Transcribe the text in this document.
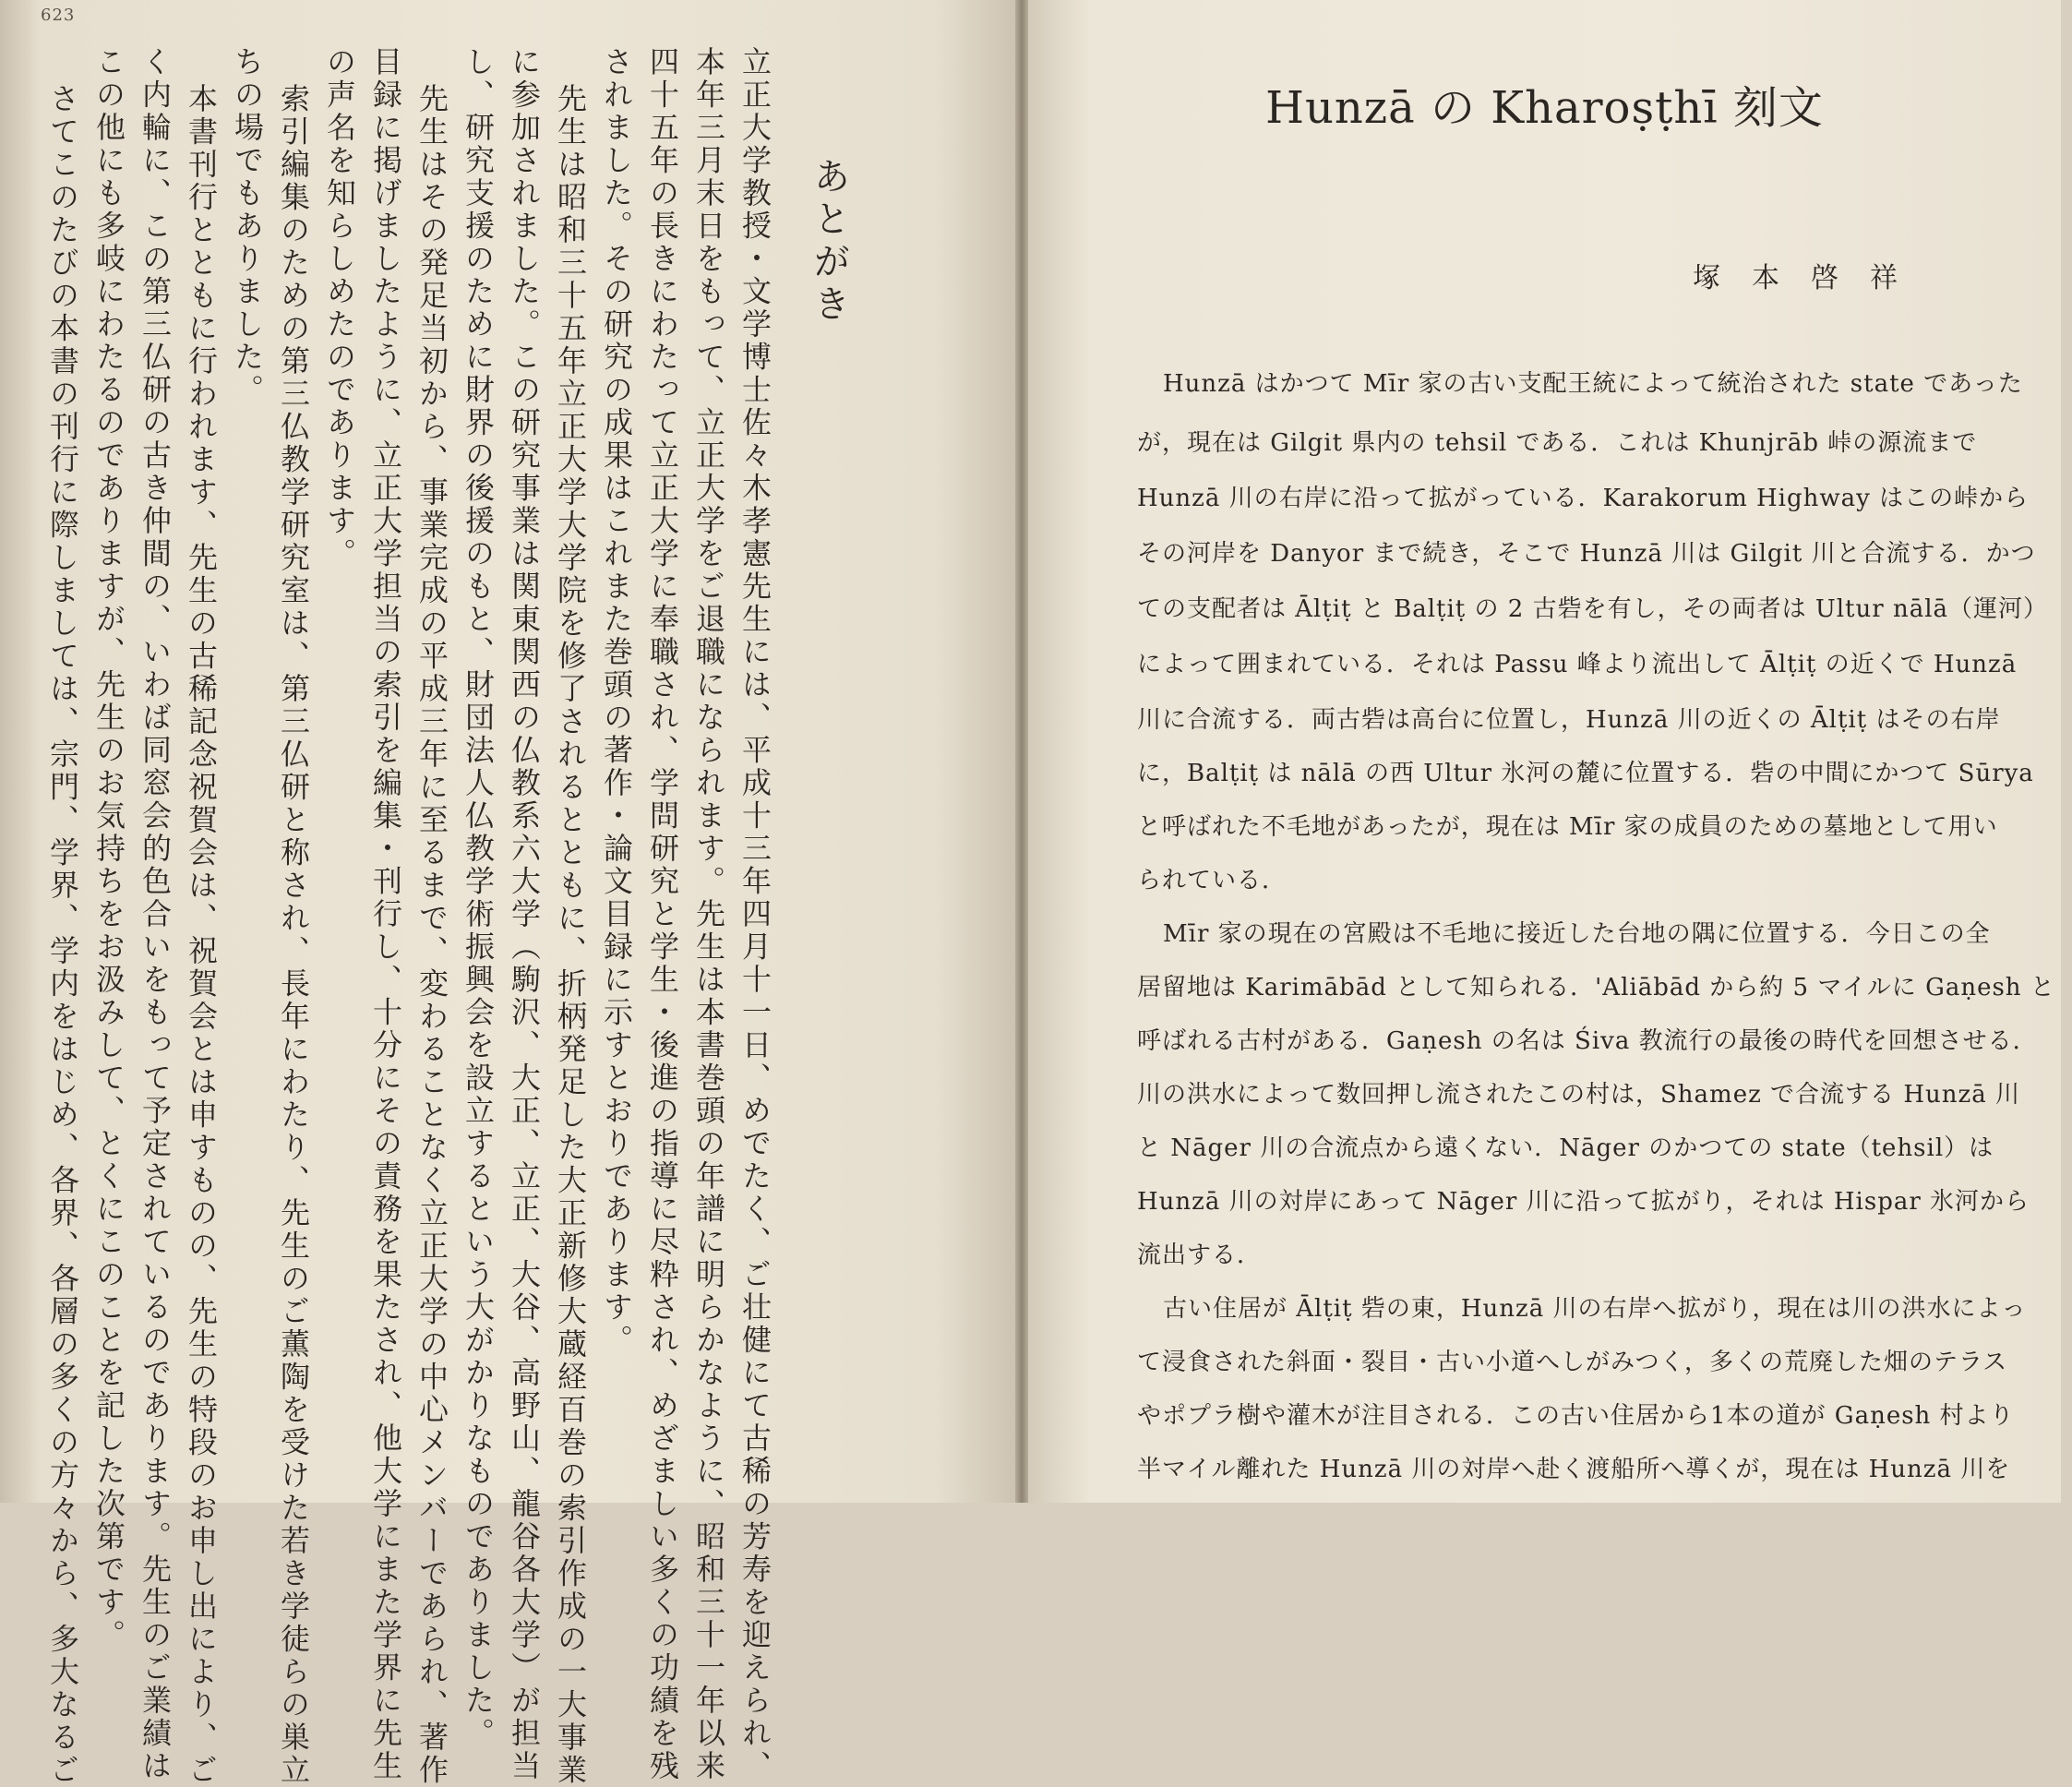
623
立正大学教授・文学博士佐々木孝憲先生には、平成十三年四月十一日、めでたく、ご壮健にて古稀の芳寿を迎えられ、
本年三月末日をもって、立正大学をご退職になられます。先生は本書巻頭の年譜に明らかなように、昭和三十一年以来
四十五年の長きにわたって立正大学に奉職され、学問研究と学生・後進の指導に尽粋され、めざましい多くの功績を残
されました。その研究の成果はこれまた巻頭の著作・論文目録に示すとおりであります。
先生は昭和三十五年立正大学大学院を修了されるとともに、折柄発足した大正新修大蔵経百巻の索引作成の一大事業
に参加されました。この研究事業は関東関西の仏教系六大学（駒沢、大正、立正、大谷、高野山、龍谷各大学）が担当
し、研究支援のために財界の後援のもと、財団法人仏教学術振興会を設立するという大がかりなものでありました。
先生はその発足当初から、事業完成の平成三年に至るまで、変わることなく立正大学の中心メンバーであられ、著作
目録に掲げましたように、立正大学担当の索引を編集・刊行し、十分にその責務を果たされ、他大学にまた学界に先生
の声名を知らしめたのであります。
索引編集のための第三仏教学研究室は、第三仏研と称され、長年にわたり、先生のご薫陶を受けた若き学徒らの巣立
ちの場でもありました。
本書刊行とともに行われます、先生の古稀記念祝賀会は、祝賀会とは申すものの、先生の特段のお申し出により、ご
く内輪に、この第三仏研の古き仲間の、いわば同窓会的色合いをもって予定されているのであります。先生のご業績は
この他にも多岐にわたるのでありますが、先生のお気持ちをお汲みして、とくにこのことを記した次第です。
さてこのたびの本書の刊行に際しましては、宗門、学界、学内をはじめ、各界、各層の多くの方々から、多大なるご	あとがき
Hunzā の Kharoṣṭhī 刻文
塚本啓祥
Hunzā はかつて Mīr 家の古い支配王統によって統治された state であった
が，現在は Gilgit 県内の tehsil である．これは Khunjrāb 峠の源流まで
Hunzā 川の右岸に沿って拡がっている．Karakorum Highway はこの峠から
その河岸を Danyor まで続き，そこで Hunzā 川は Gilgit 川と合流する．かつ
ての支配者は Ālṭiṭ と Balṭiṭ の 2 古砦を有し，その両者は Ultur nālā（運河）
によって囲まれている．それは Passu 峰より流出して Ālṭiṭ の近くで Hunzā
川に合流する．両古砦は高台に位置し，Hunzā 川の近くの Ālṭiṭ はその右岸
に，Balṭiṭ は nālā の西 Ultur 氷河の麓に位置する．砦の中間にかつて Sūrya
と呼ばれた不毛地があったが，現在は Mīr 家の成員のための墓地として用い
られている．
Mīr 家の現在の宮殿は不毛地に接近した台地の隅に位置する．今日この全
居留地は Karimābād として知られる．'Aliābād から約 5 マイルに Gaṇesh と
呼ばれる古村がある．Gaṇesh の名は Śiva 教流行の最後の時代を回想させる．
川の洪水によって数回押し流されたこの村は，Shamez で合流する Hunzā 川
と Nāger 川の合流点から遠くない．Nāger のかつての state（tehsil）は
Hunzā 川の対岸にあって Nāger 川に沿って拡がり，それは Hispar 氷河から
流出する．
古い住居が Ālṭiṭ 砦の東，Hunzā 川の右岸へ拡がり，現在は川の洪水によっ
て浸食された斜面・裂目・古い小道へしがみつく，多くの荒廃した畑のテラス
やポプラ樹や灌木が注目される．この古い住居から1本の道が Gaṇesh 村より
半マイル離れた Hunzā 川の対岸へ赴く渡船所へ導くが，現在は Hunzā 川を
